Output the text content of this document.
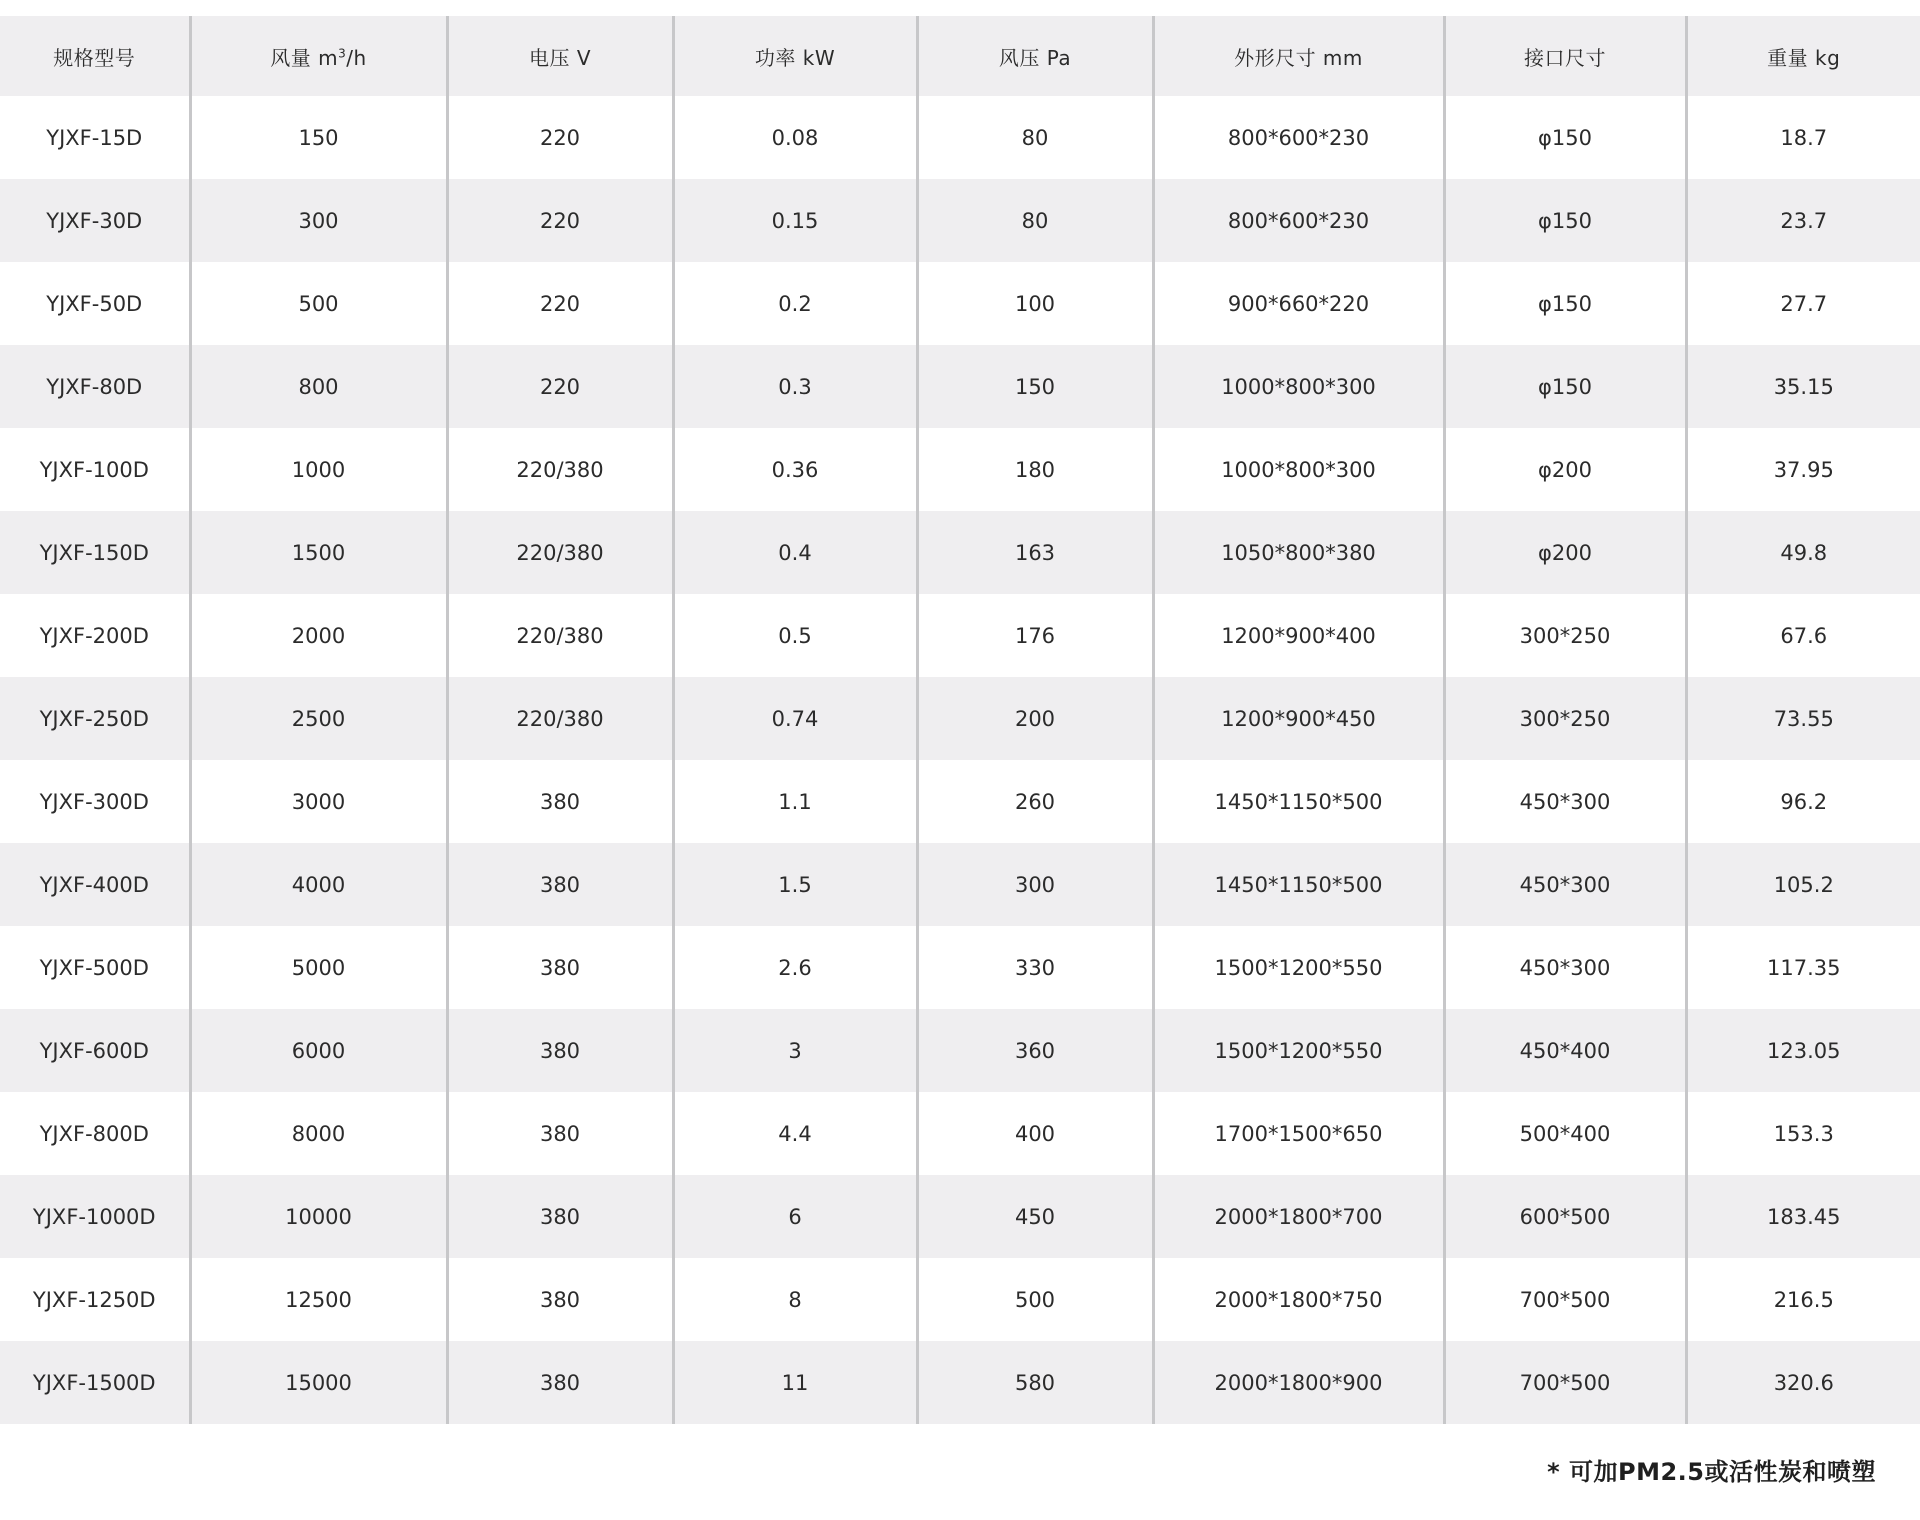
规格型号	风量 $m^3/h$	电压 V	功率 kW	风压 Pa	外形尺寸 mm	接口尺寸	重量 kg
YJXF-15D	150	220	0.08	80	800*600*230	φ150	18.7
YJXF-30D	300	220	0.15	80	800*600*230	φ150	23.7
YJXF-50D	500	220	0.2	100	900*660*220	φ150	27.7
YJXF-80D	800	220	0.3	150	1000*800*300	φ150	35.15
YJXF-100D	1000	220/380	0.36	180	1000*800*300	φ200	37.95
YJXF-150D	1500	220/380	0.4	163	1050*800*380	φ200	49.8
YJXF-200D	2000	220/380	0.5	176	1200*900*400	300*250	67.6
YJXF-250D	2500	220/380	0.74	200	1200*900*450	300*250	73.55
YJXF-300D	3000	380	1.1	260	1450*1150*500	450*300	96.2
YJXF-400D	4000	380	1.5	300	1450*1150*500	450*300	105.2
YJXF-500D	5000	380	2.6	330	1500*1200*550	450*300	117.35
YJXF-600D	6000	380	3	360	1500*1200*550	450*400	123.05
YJXF-800D	8000	380	4.4	400	1700*1500*650	500*400	153.3
YJXF-1000D	10000	380	6	450	2000*1800*700	600*500	183.45
YJXF-1250D	12500	380	8	500	2000*1800*750	700*500	216.5
YJXF-1500D	15000	380	11	580	2000*1800*900	700*500	320.6
* 可加PM2.5或活性炭和喷塑
